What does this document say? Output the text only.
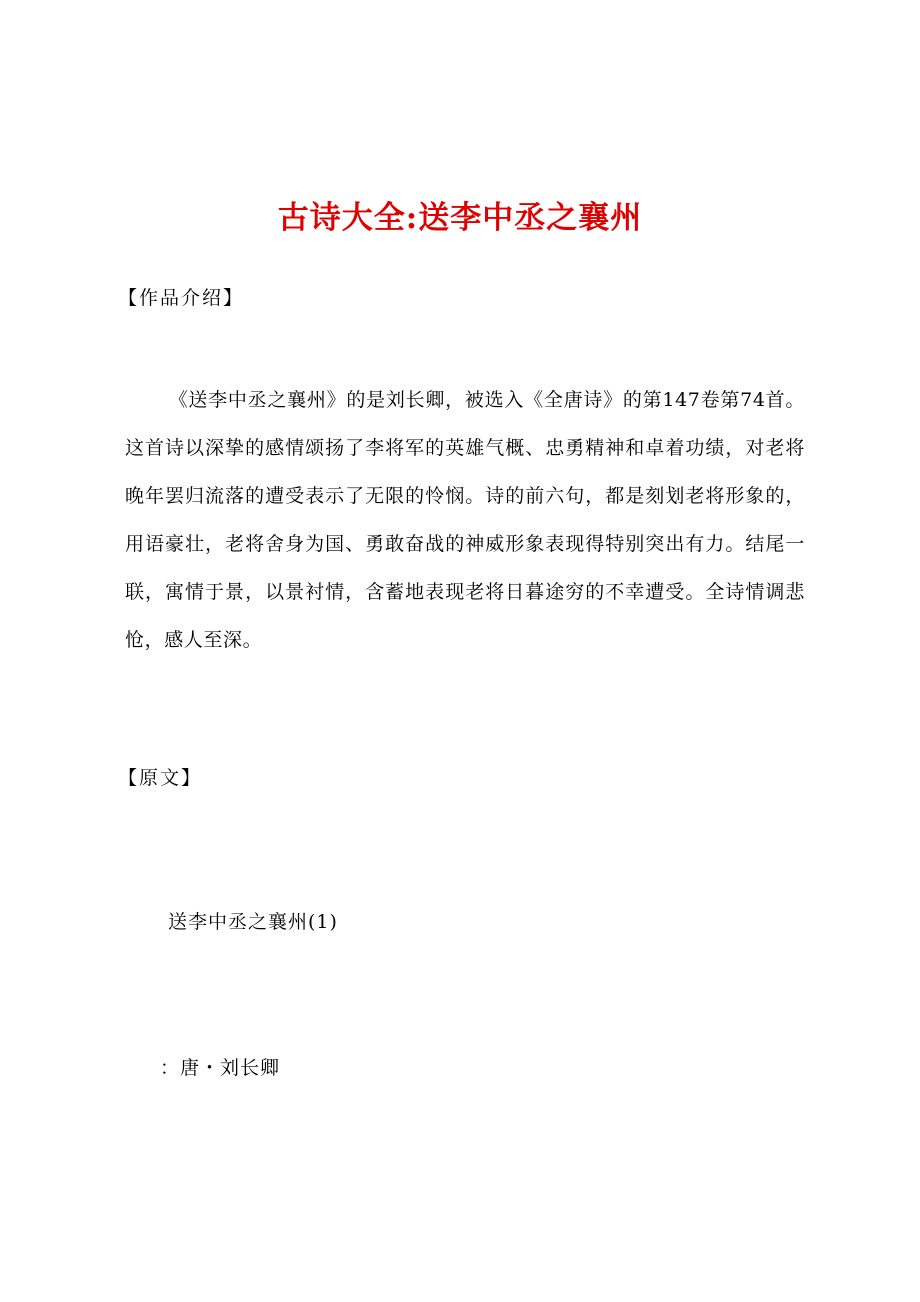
古诗大全:送李中丞之襄州
【作品介绍】
《送李中丞之襄州》的是刘长卿，被选入《全唐诗》的第147卷第74首。这首诗以深挚的感情颂扬了李将军的英雄气概、忠勇精神和卓着功绩，对老将晚年罢归流落的遭受表示了无限的怜悯。诗的前六句，都是刻划老将形象的，用语豪壮，老将舍身为国、勇敢奋战的神威形象表现得特别突出有力。结尾一联，寓情于景，以景衬情，含蓄地表现老将日暮途穷的不幸遭受。全诗情调悲怆，感人至深。
【原文】
送李中丞之襄州(1)
：唐・刘长卿
